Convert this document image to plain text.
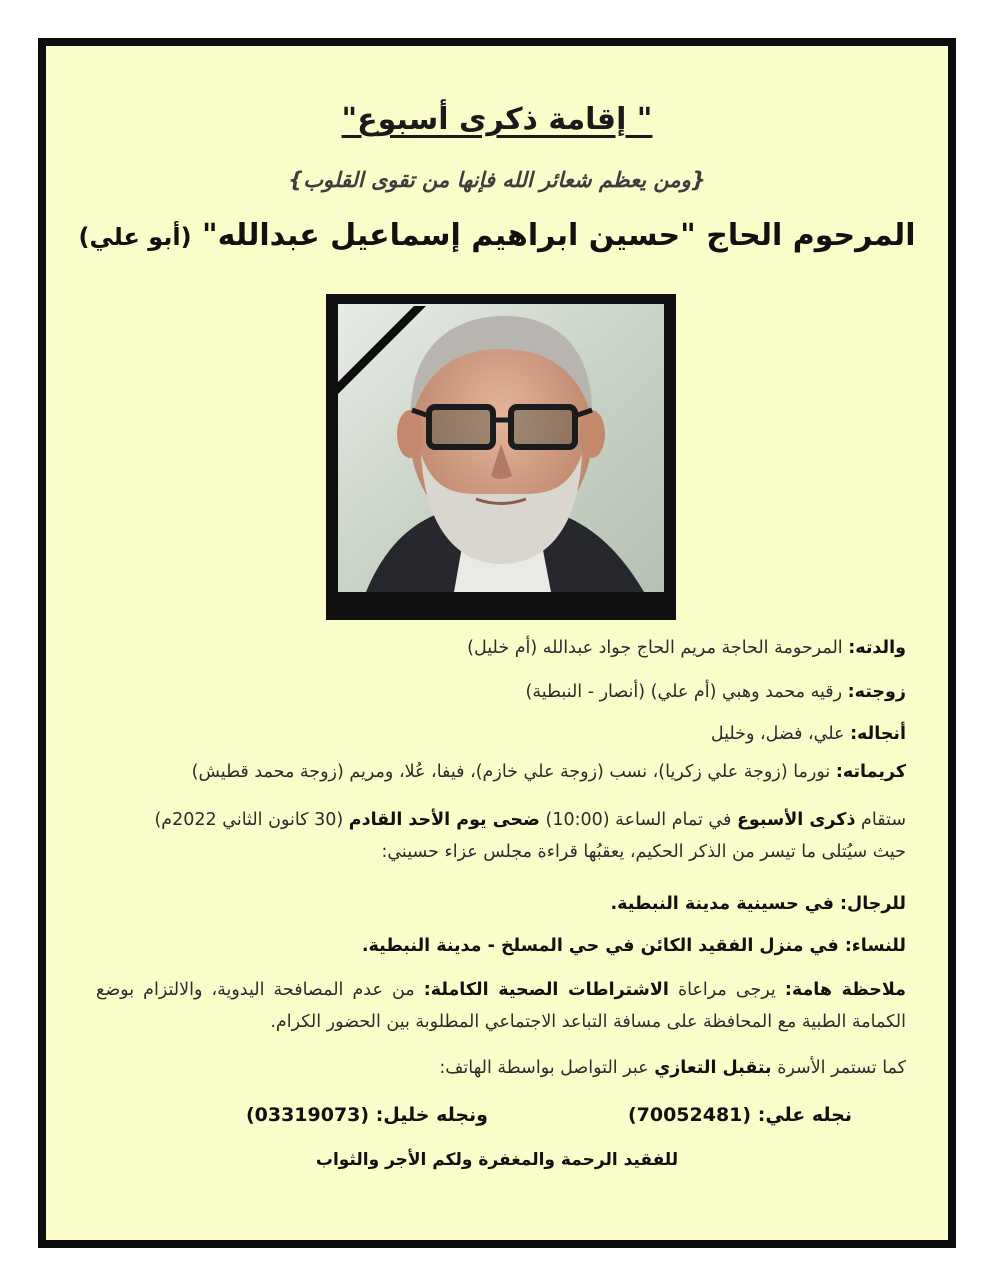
" إقامة ذكرى أسبوع"
{ومن يعظم شعائر الله فإنها من تقوى القلوب}
المرحوم الحاج "حسين ابراهيم إسماعيل عبدالله" (أبو علي)
والدته: المرحومة الحاجة مريم الحاج جواد عبدالله (أم خليل)
زوجته: رقيه محمد وهبي (أم علي) (أنصار - النبطية)
أنجاله: علي، فضل، وخليل
كريماته: نورما (زوجة علي زكريا)، نسب (زوجة علي خازم)، فيفا، عُلا، ومريم (زوجة محمد قطيش)
ستقام ذكرى الأسبوع في تمام الساعة (10:00) ضحى يوم الأحد القادم (30 كانون الثاني 2022م)
حيث سيُتلى ما تيسر من الذكر الحكيم، يعقبُها قراءة مجلس عزاء حسيني:
للرجال: في حسينية مدينة النبطية.
للنساء: في منزل الفقيد الكائن في حي المسلخ - مدينة النبطية.
ملاحظة هامة: يرجى مراعاة الاشتراطات الصحية الكاملة: من عدم المصافحة اليدوية، والالتزام بوضع الكمامة الطبية مع المحافظة على مسافة التباعد الاجتماعي المطلوبة بين الحضور الكرام.
كما تستمر الأسرة بتقبل التعازي عبر التواصل بواسطة الهاتف:
نجله علي: (70052481)
ونجله خليل: (03319073)
للفقيد الرحمة والمغفرة ولكم الأجر والثواب
